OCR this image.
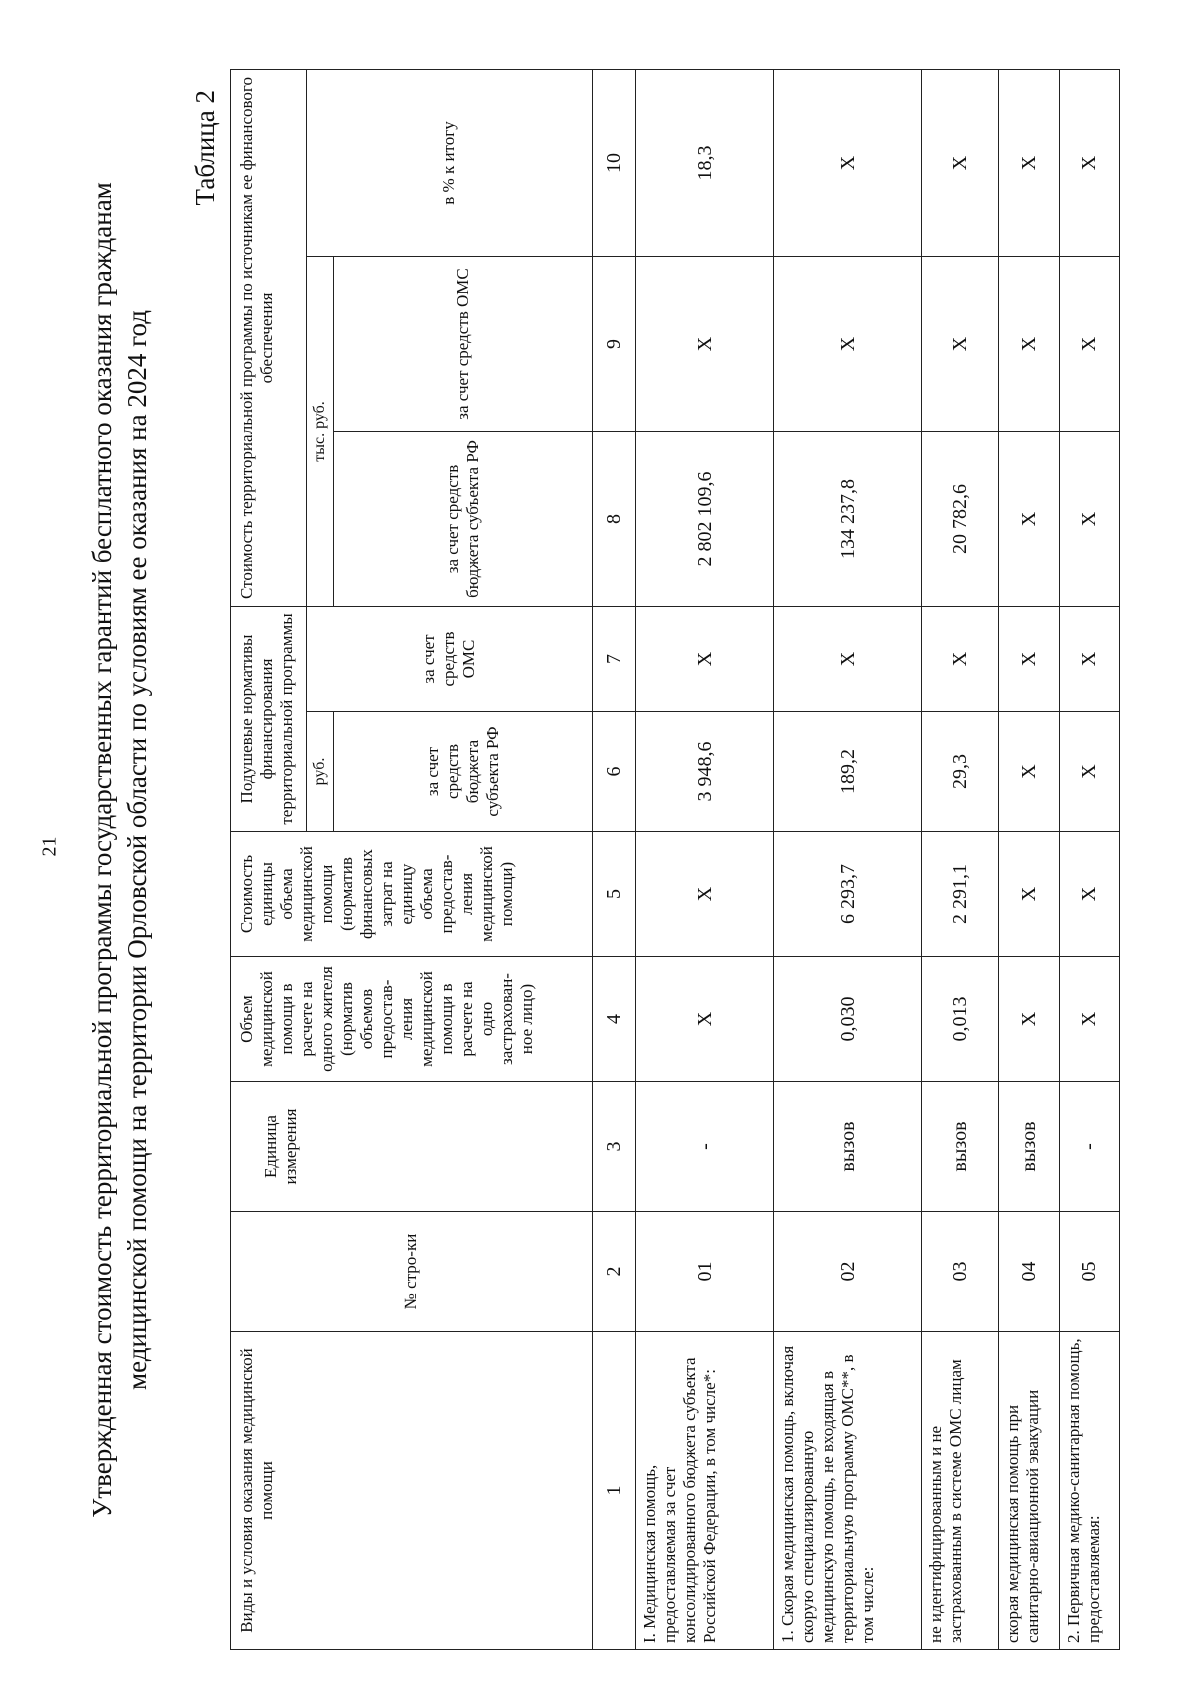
21 Утвержденная стоимость территориальной программы государственных гарантий бесплатного оказания гражданам медицинской помощи на территории Орловской области по условиям ее оказания на 2024 год
Таблица 2
Виды и условия оказания медицинской помощи	№ стро-ки	Единица измерения	Объем медицинской помощи в расчете на одного жителя (норматив объемов предостав-ления медицинской помощи в расчете на одно застрахован-ное лицо)	Стоимость единицы объема медицинской помощи (норматив финансовых затрат на единицу объема предостав-ления медицинской помощи)	Подушевые нормативы финансирования территориальной программы		Стоимость территориальной программы по источникам ее финансового обеспечения		
					руб.	за счет средств ОМС	тыс. руб.		в % к итогу
					за счет средств бюджета субъекта РФ		за счет средств бюджета субъекта РФ	за счет средств ОМС	
1	2	3	4	5	6	7	8	9	10
I. Медицинская помощь, предоставляемая за счет консолидированного бюджета субъекта Российской Федерации, в том числе*:	01	-	Х	Х	3 948,6	Х	2 802 109,6	Х	18,3
1. Скорая медицинская помощь, включая скорую специализированную медицинскую помощь, не входящая в территориальную программу ОМС**, в том числе:	02	вызов	0,030	6 293,7	189,2	Х	134 237,8	Х	Х
не идентифицированным и не застрахованным в системе ОМС лицам	03	вызов	0,013	2 291,1	29,3	Х	20 782,6	Х	Х
скорая медицинская помощь при санитарно-авиационной эвакуации	04	вызов	Х	Х	Х	Х	Х	Х	Х
2. Первичная медико-санитарная помощь, предоставляемая:	05	-	Х	Х	Х	Х	Х	Х	Х
